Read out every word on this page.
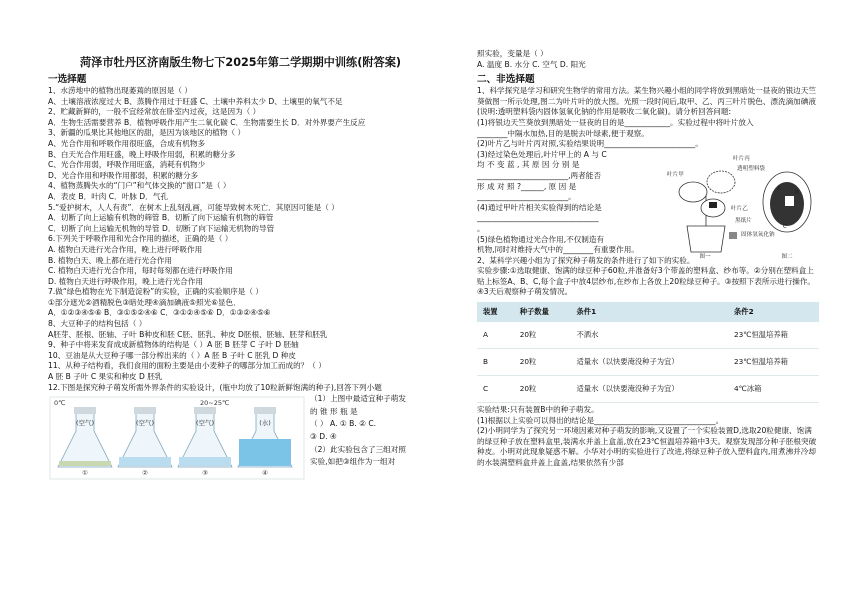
菏泽市牡丹区济南版生物七下2025年第二学期期中训练(附答案)
一选择题
1、水涝地中的植物出现萎蔫的原因是（ ）
A、土壤溶液浓度过大 B、蒸腾作用过于旺盛 C、土壤中养料太少 D、土壤里的氧气不足
2、贮藏新鲜的，一般不宜经常放在卧室内过夜，这是因为（ ）
A．生物生活需要营养 B．植物呼吸作用产生二氧化碳 C．生物需要生长 D．对外界要产生反应
3、新疆的瓜果比其他地区的甜，是因为该地区的植物（ ）
A、光合作用和呼吸作用很旺盛，合成有机物多
B、白天光合作用旺盛，晚上呼吸作用弱，积累的糖分多
C、光合作用弱，呼吸作用旺盛，消耗有机物少
D、光合作用和呼吸作用都弱，积累的糖分多
4、植物蒸腾失水的“门户”和气体交换的“窗口”是（ ）
A．表皮 B．叶肉 C．叶脉 D．气孔
5.“爱护树木，人人有责”．在树木上乱刻乱画，可能导致树木死亡．其原因可能是（ ）
A．切断了向上运输有机物的筛管 B．切断了向下运输有机物的筛管
C．切断了向上运输无机物的导管 D．切断了向下运输无机物的导管
6.下列关于呼吸作用和光合作用的描述，正确的是（ ）
A. 植物白天进行光合作用，晚上进行呼吸作用
B. 植物白天、晚上都在进行光合作用
C. 植物白天进行光合作用，每时每刻都在进行呼吸作用
D. 植物白天进行呼吸作用，晚上进行光合作用
7.做“绿色植物在光下制造淀粉”的实验，正确的实验顺序是（ ）
①部分遮光②酒精脱色③暗处理④滴加碘液⑤照光⑥显色．
A．①②③④⑤⑥ B．③①⑤②④⑥ C．③①②④⑤⑥ D．①③②④⑤⑥
8、大豆种子的结构包括（ ）
A胚芽、胚根、胚轴、子叶 B种皮和胚 C胚、胚乳、种皮 D胚根、胚轴、胚芽和胚乳
9、种子中将来发育成成新植物体的结构是（ ）A 胚 B 胚芽 C 子叶 D 胚轴
10、豆油是从大豆种子哪一部分榨出来的（ ）A 胚 B 子叶 C 胚乳 D 种皮
11、从种子结构看，我们食用的面粉主要是由小麦种子的哪部分加工而成的？（ ）
A 胚 B 子叶 C 果实和种皮 D 胚乳
12.下图是探究种子萌发所需外界条件的实验设计，(瓶中均放了10粒新鲜饱满的种子),回答下列小题
(空气)
①
(空气)
②
(空气)
③
(水)
④
0℃	20~25℃	（1）上图中最适宜种子萌发
的 锥 形 瓶 是
（ ） A. ① B. ② C.
③ D. ④
（2）此实验包含了三组对照
实验,如把③组作为一组对
照实验，变量是（ ）
A. 温度 B. 水分 C. 空气 D. 阳光
二、非选择题
1、科学探究是学习和研究生物学的常用方法。某生物兴趣小组的同学将放到黑暗处一昼夜的银边天竺葵做图一所示处理,图二为叶片叶的放大图。光照一段时间后,取甲、乙、丙三叶片脱色、漂洗滴加碘液(说明:透明塑料袋内固体氢氧化钠的作用是吸收二氧化碳)。请分析回答问题:
(1)将银边天竺葵放到黑暗处一昼夜的目的是____________。实验过程中将叶片放入
________中隔水加热,目的是脱去叶绿素,便于观察。
(2)叶片乙与叶片丙对照,实验结果说明________________________。
(3)经过染色处理后,叶片甲上的 A 与 C
均 不 变 蓝 , 其 原 因 分 别 是
________________________,两者能否
形 成 对 照 ?______, 原 因 是
________________________。
(4)通过甲叶片相关实验得到的结论是
________________________________
。
(5)绿色植物通过光合作用,不仅制造有
机物,同时对维持大气中的________有重要作用。
图一	图二
叶片丙
透明塑料袋
叶片甲
叶片乙
固体氢氧化钠
黑纸片
A
B
C
2、某科学兴趣小组为了探究种子萌发的条件进行了如下的实验。
实验步骤:①选取健康、饱满的绿豆种子60粒,并准备好3个带盖的塑料盒、纱布等。②分别在塑料盒上贴上标签A、B、C,每个盒子中放4层纱布,在纱布上各放上20粒绿豆种子。③按照下表所示进行操作。④3天后观察种子萌发情况。
装置	种子数量	条件1	条件2
A	20粒	不洒水	23℃恒温培养箱
B	20粒	适量水（以快要淹没种子为宜）	23℃恒温培养箱
C	20粒	适量水（以快要淹没种子为宜）	4℃冰箱
实验结果:只有装置B中的种子萌发。
(1)根据以上实验可以得出的结论是________________________________。
(2)小明同学为了探究另一环境因素对种子萌发的影响,又设置了一个实验装置D,选取20粒健康、饱满的绿豆种子放在塑料盒里,装满水并盖上盒盖,放在23℃恒温培养箱中3天。观察发现部分种子胚根突破种皮。小明对此现象疑惑不解。小华对小明的实验进行了改进,将绿豆种子放入塑料盒内,用煮沸并冷却的水装满塑料盒并盖上盒盖,结果依然有少部
